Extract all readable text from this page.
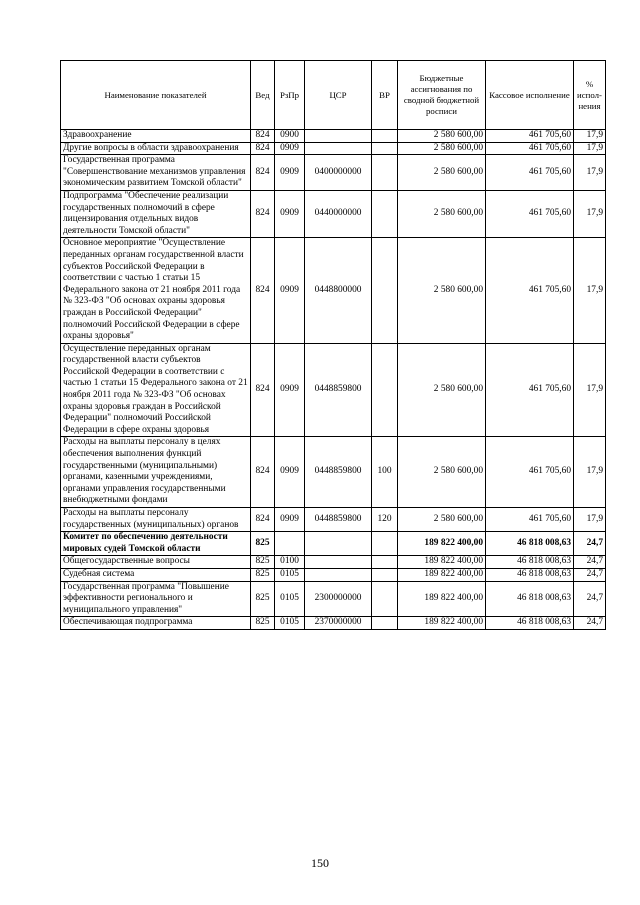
Наименование показателей	Вед	РзПр	ЦСР	ВР	Бюджетные ассигнования по сводной бюджетной росписи	Кассовое исполнение	% испол-нения
Здравоохранение	824	0900			2 580 600,00	461 705,60	17,9
Другие вопросы в области здравоохранения	824	0909			2 580 600,00	461 705,60	17,9
Государственная программа "Совершенствование механизмов управления экономическим развитием Томской области"	824	0909	0400000000		2 580 600,00	461 705,60	17,9
Подпрограмма "Обеспечение реализации государственных полномочий в сфере лицензирования отдельных видов деятельности Томской области"	824	0909	0440000000		2 580 600,00	461 705,60	17,9
Основное мероприятие "Осуществление переданных органам государственной власти субъектов Российской Федерации в соответствии с частью 1 статьи 15 Федерального закона от 21 ноября 2011 года № 323-ФЗ "Об основах охраны здоровья граждан в Российской Федерации" полномочий Российской Федерации в сфере охраны здоровья"	824	0909	0448800000		2 580 600,00	461 705,60	17,9
Осуществление переданных органам государственной власти субъектов Российской Федерации в соответствии с частью 1 статьи 15 Федерального закона от 21 ноября 2011 года № 323-ФЗ "Об основах охраны здоровья граждан в Российской Федерации" полномочий Российской Федерации в сфере охраны здоровья	824	0909	0448859800		2 580 600,00	461 705,60	17,9
Расходы на выплаты персоналу в целях обеспечения выполнения функций государственными (муниципальными) органами, казенными учреждениями, органами управления государственными внебюджетными фондами	824	0909	0448859800	100	2 580 600,00	461 705,60	17,9
Расходы на выплаты персоналу государственных (муниципальных) органов	824	0909	0448859800	120	2 580 600,00	461 705,60	17,9
Комитет по обеспечению деятельности мировых судей Томской области	825				189 822 400,00	46 818 008,63	24,7
Общегосударственные вопросы	825	0100			189 822 400,00	46 818 008,63	24,7
Судебная система	825	0105			189 822 400,00	46 818 008,63	24,7
Государственная программа "Повышение эффективности регионального и муниципального управления"	825	0105	2300000000		189 822 400,00	46 818 008,63	24,7
Обеспечивающая подпрограмма	825	0105	2370000000		189 822 400,00	46 818 008,63	24,7
150
